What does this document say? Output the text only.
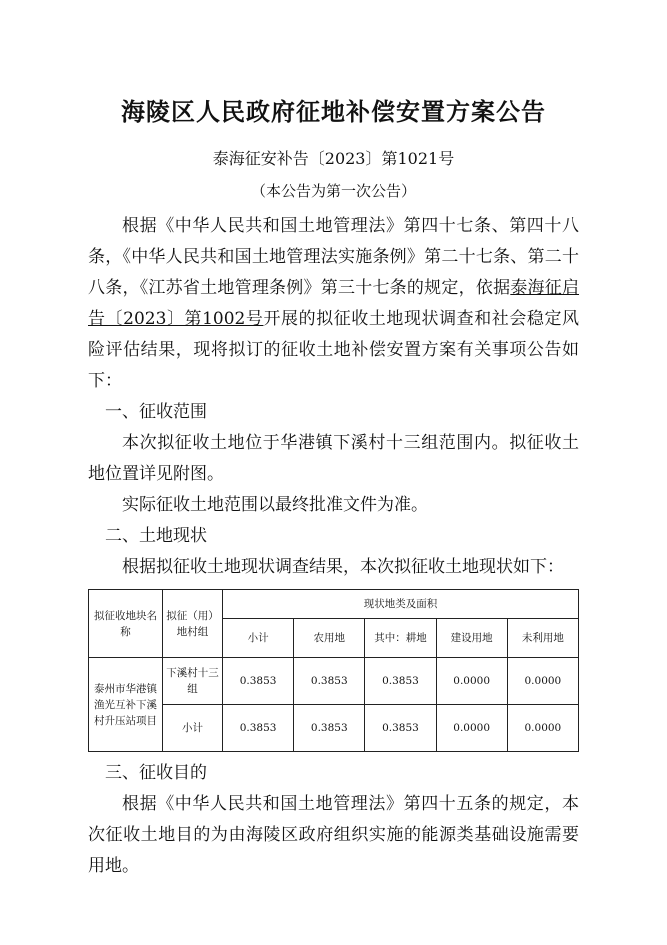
海陵区人民政府征地补偿安置方案公告
泰海征安补告〔2023〕第1021号
（本公告为第一次公告）

根据《中华人民共和国土地管理法》第四十七条、第四十八条，《中华人民共和国土地管理法实施条例》第二十七条、第二十八条，《江苏省土地管理条例》第三十七条的规定，依据泰海征启告〔2023〕第1002号开展的拟征收土地现状调查和社会稳定风险评估结果，现将拟订的征收土地补偿安置方案有关事项公告如下：

一、征收范围

本次拟征收土地位于华港镇下溪村十三组范围内。拟征收土地位置详见附图。

实际征收土地范围以最终批准文件为准。

二、土地现状

根据拟征收土地现状调查结果，本次拟征收土地现状如下：

拟征收地块名称	拟征（用）地村组	现状地类及面积				
		小计	农用地	其中：耕地	建设用地	未利用地
泰州市华港镇渔光互补下溪村升压站项目	下溪村十三组	0.3853	0.3853	0.3853	0.0000	0.0000
	小计	0.3853	0.3853	0.3853	0.0000	0.0000

三、征收目的

根据《中华人民共和国土地管理法》第四十五条的规定，本次征收土地目的为由海陵区政府组织实施的能源类基础设施需要用地。
